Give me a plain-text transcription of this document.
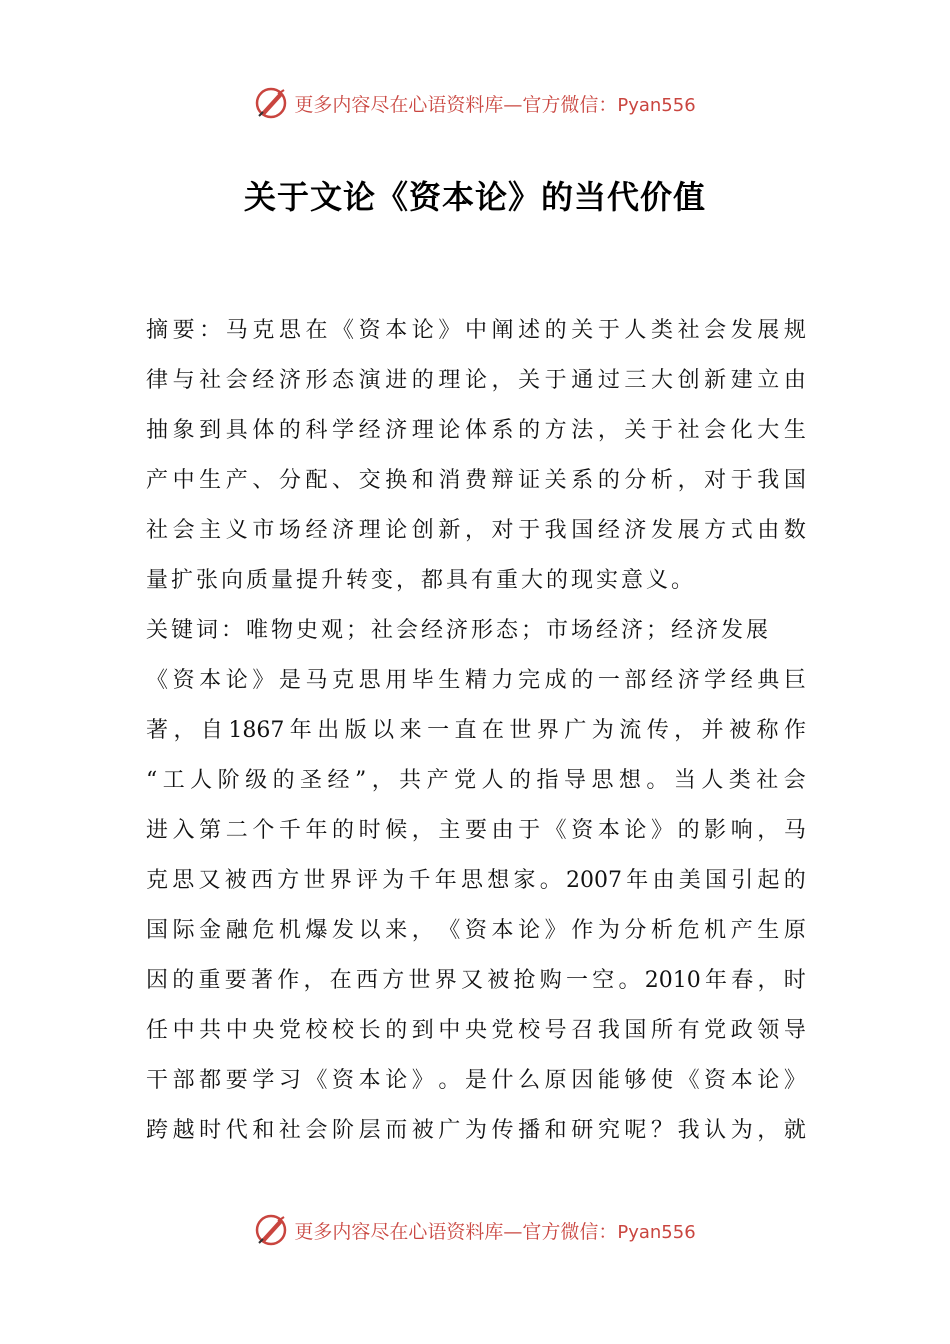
更多内容尽在心语资料库—官方微信：Pyan556
关于文论《资本论》的当代价值
摘 要 ： 马 克 思 在 《 资 本 论 》 中 阐 述 的 关 于 人 类 社 会 发 展 规
律 与 社 会 经 济 形 态 演 进 的 理 论 ， 关 于 通 过 三 大 创 新 建 立 由
抽 象 到 具 体 的 科 学 经 济 理 论 体 系 的 方 法 ， 关 于 社 会 化 大 生
产 中 生 产 、 分 配 、 交 换 和 消 费 辩 证 关 系 的 分 析 ， 对 于 我 国
社 会 主 义 市 场 经 济 理 论 创 新 ， 对 于 我 国 经 济 发 展 方 式 由 数
量扩张向质量提升转变，都具有重大的现实意义。
关键词：唯物史观；社会经济形态；市场经济；经济发展
《 资 本 论 》 是 马 克 思 用 毕 生 精 力 完 成 的 一 部 经 济 学 经 典 巨
著 ， 自 1867 年 出 版 以 来 一 直 在 世 界 广 为 流 传 ， 并 被 称 作
“ 工 人 阶 级 的 圣 经 ” ， 共 产 党 人 的 指 导 思 想 。 当 人 类 社 会
进 入 第 二 个 千 年 的 时 候 ， 主 要 由 于 《 资 本 论 》 的 影 响 ， 马
克 思 又 被 西 方 世 界 评 为 千 年 思 想 家 。 2007 年 由 美 国 引 起 的
国 际 金 融 危 机 爆 发 以 来 ， 《 资 本 论 》 作 为 分 析 危 机 产 生 原
因 的 重 要 著 作 ， 在 西 方 世 界 又 被 抢 购 一 空 。 2010 年 春 ， 时
任 中 共 中 央 党 校 校 长 的 到 中 央 党 校 号 召 我 国 所 有 党 政 领 导
干 部 都 要 学 习 《 资 本 论 》 。 是 什 么 原 因 能 够 使 《 资 本 论 》
跨 越 时 代 和 社 会 阶 层 而 被 广 为 传 播 和 研 究 呢 ？ 我 认 为 ， 就
更多内容尽在心语资料库—官方微信：Pyan556
